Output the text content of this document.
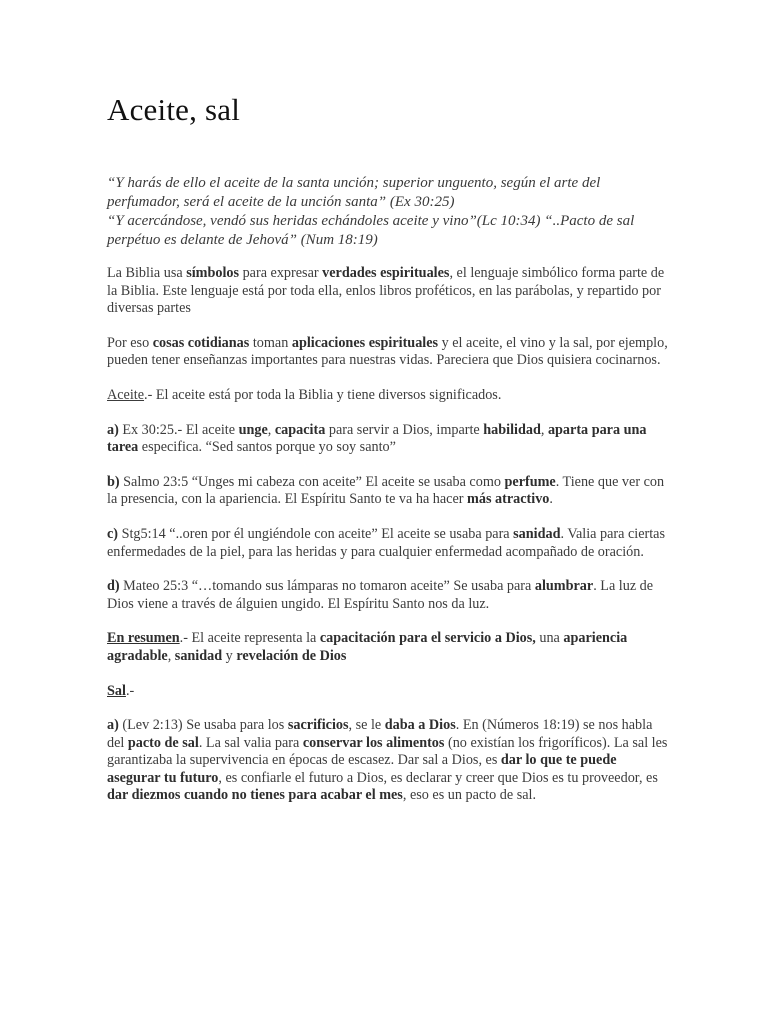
Aceite, sal
“Y harás de ello el aceite de la santa unción; superior unguento, según el arte del perfumador, será el aceite de la unción santa” (Ex 30:25)
“Y acercándose, vendó sus heridas echándoles aceite y vino”(Lc 10:34) “..Pacto de sal perpétuo es delante de Jehová” (Num 18:19)

La Biblia usa símbolos para expresar verdades espirituales, el lenguaje simbólico forma parte de la Biblia. Este lenguaje está por toda ella, enlos libros proféticos, en las parábolas, y repartido por diversas partes

Por eso cosas cotidianas toman aplicaciones espirituales y el aceite, el vino y la sal, por ejemplo, pueden tener enseñanzas importantes para nuestras vidas. Pareciera que Dios quisiera cocinarnos.

Aceite.- El aceite está por toda la Biblia y tiene diversos significados.

a) Ex 30:25.- El aceite unge, capacita para servir a Dios, imparte habilidad, aparta para una tarea especifica. “Sed santos porque yo soy santo”

b) Salmo 23:5 “Unges mi cabeza con aceite” El aceite se usaba como perfume. Tiene que ver con la presencia, con la apariencia. El Espíritu Santo te va ha hacer más atractivo.

c) Stg5:14 “..oren por él ungiéndole con aceite” El aceite se usaba para sanidad. Valia para ciertas enfermedades de la piel, para las heridas y para cualquier enfermedad acompañado de oración.

d) Mateo 25:3 “…tomando sus lámparas no tomaron aceite” Se usaba para alumbrar. La luz de Dios viene a través de álguien ungido. El Espíritu Santo nos da luz.

En resumen.- El aceite representa la capacitación para el servicio a Dios, una apariencia agradable, sanidad y revelación de Dios

Sal.-

a) (Lev 2:13) Se usaba para los sacrificios, se le daba a Dios. En (Números 18:19) se nos habla del pacto de sal. La sal valia para conservar los alimentos (no existían los frigoríficos). La sal les garantizaba la supervivencia en épocas de escasez. Dar sal a Dios, es dar lo que te puede asegurar tu futuro, es confiarle el futuro a Dios, es declarar y creer que Dios es tu proveedor, es dar diezmos cuando no tienes para acabar el mes, eso es un pacto de sal.
